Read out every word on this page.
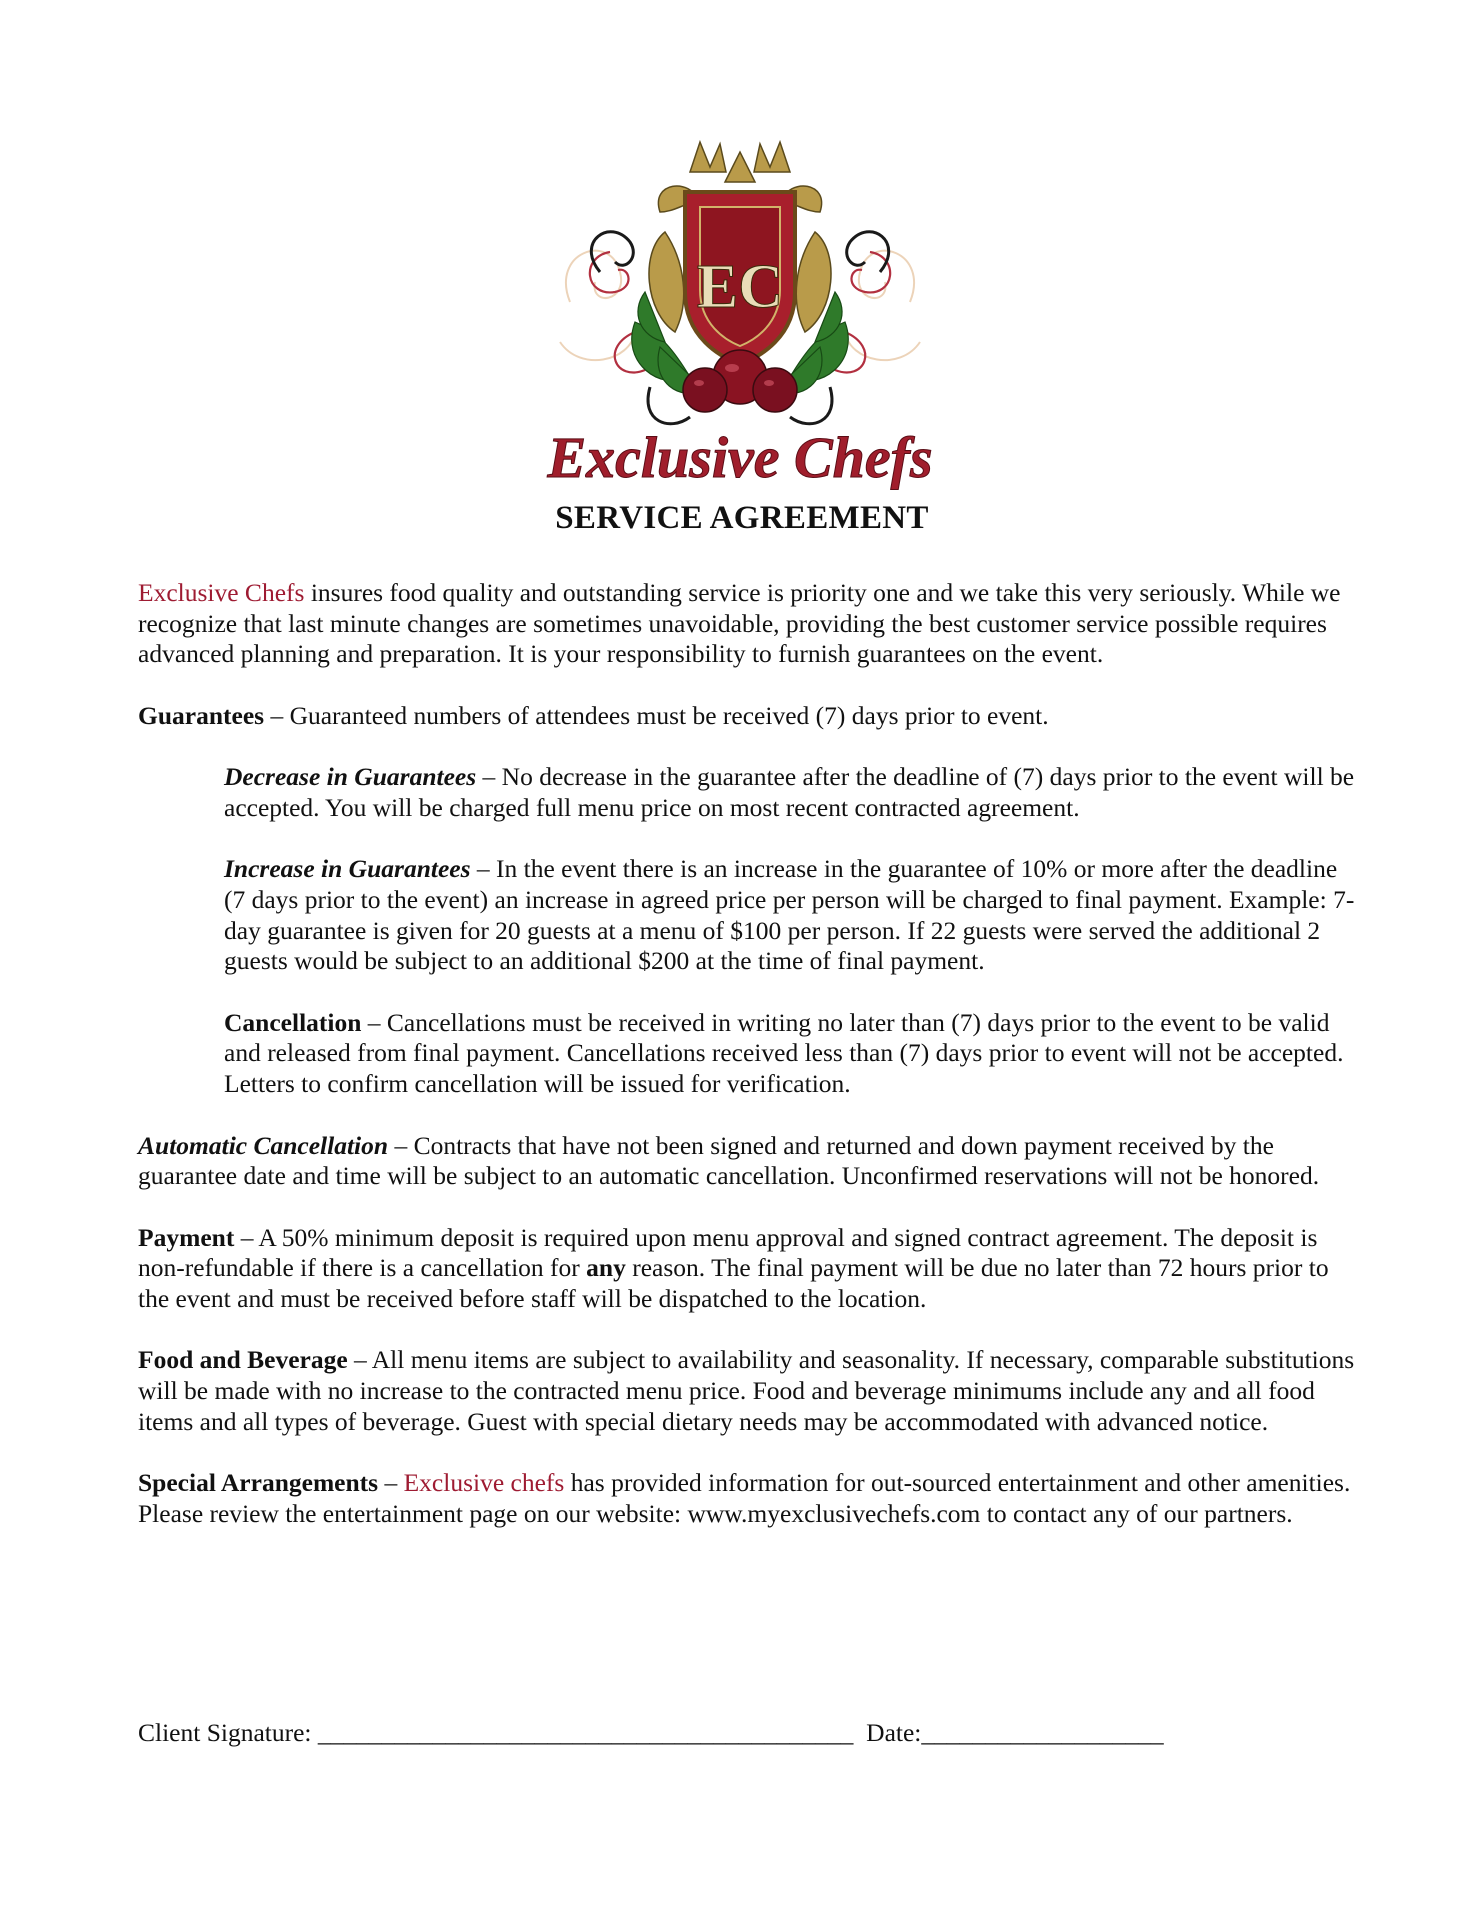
EC
Exclusive Chefs
SERVICE AGREEMENT

Exclusive Chefs insures food quality and outstanding service is priority one and we take this very seriously. While we recognize that last minute changes are sometimes unavoidable, providing the best customer service possible requires advanced planning and preparation. It is your responsibility to furnish guarantees on the event.

Guarantees – Guaranteed numbers of attendees must be received (7) days prior to event.

Decrease in Guarantees – No decrease in the guarantee after the deadline of (7) days prior to the event will be accepted. You will be charged full menu price on most recent contracted agreement.

Increase in Guarantees – In the event there is an increase in the guarantee of 10% or more after the deadline (7 days prior to the event) an increase in agreed price per person will be charged to final payment. Example: 7-day guarantee is given for 20 guests at a menu of $100 per person. If 22 guests were served the additional 2 guests would be subject to an additional $200 at the time of final payment.

Cancellation – Cancellations must be received in writing no later than (7) days prior to the event to be valid and released from final payment. Cancellations received less than (7) days prior to event will not be accepted. Letters to confirm cancellation will be issued for verification.

Automatic Cancellation – Contracts that have not been signed and returned and down payment received by the guarantee date and time will be subject to an automatic cancellation. Unconfirmed reservations will not be honored.

Payment – A 50% minimum deposit is required upon menu approval and signed contract agreement. The deposit is non-refundable if there is a cancellation for any reason. The final payment will be due no later than 72 hours prior to the event and must be received before staff will be dispatched to the location.

Food and Beverage – All menu items are subject to availability and seasonality. If necessary, comparable substitutions will be made with no increase to the contracted menu price. Food and beverage minimums include any and all food items and all types of beverage. Guest with special dietary needs may be accommodated with advanced notice.

Special Arrangements – Exclusive chefs has provided information for out-sourced entertainment and other amenities. Please review the entertainment page on our website: www.myexclusivechefs.com to contact any of our partners.

Client Signature: __________________________________________ Date:___________________
